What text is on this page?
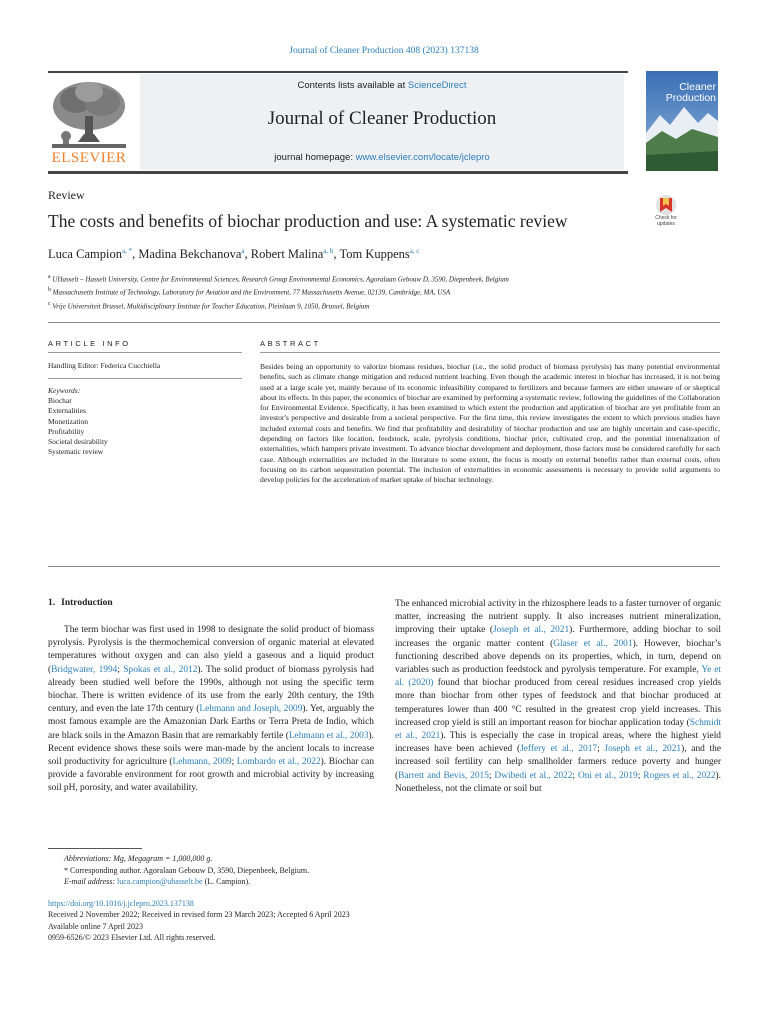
Journal of Cleaner Production 408 (2023) 137138
ELSEVIER
Contents lists available at ScienceDirect
Journal of Cleaner Production
journal homepage: www.elsevier.com/locate/jclepro
Cleaner
Production
Review
The costs and benefits of biochar production and use: A systematic review	Check for
updates
Luca Campion$^{a, *}$, Madina Bekchanova$^a$, Robert Malina$^{a, b}$, Tom Kuppens$^{a, c}$
$^a$ UHasselt – Hasselt University, Centre for Environmental Sciences, Research Group Environmental Economics, Agoralaan Gebouw D, 3590, Diepenbeek, Belgium
$^b$ Massachusetts Institute of Technology, Laboratory for Aviation and the Environment, 77 Massachusetts Avenue, 02139, Cambridge, MA, USA
$^c$ Vrije Universiteit Brussel, Multidisciplinary Institute for Teacher Education, Pleinlaan 9, 1050, Brussel, Belgium
ARTICLE INFO
Handling Editor: Federica Cucchiella
Keywords:
Biochar
Externalities
Monetization
Profitability
Societal desirability
Systematic review
ABSTRACT
Besides being an opportunity to valorize biomass residues, biochar (i.e., the solid product of biomass pyrolysis) has many potential environmental benefits, such as climate change mitigation and reduced nutrient leaching. Even though the academic interest in biochar has increased, it is not being used at a large scale yet, mainly because of its economic infeasibility compared to fertilizers and because farmers are either unaware of or skeptical about its effects. In this paper, the economics of biochar are examined by performing a systematic review, following the guidelines of the Collaboration for Environmental Evidence. Specifically, it has been examined to which extent the production and application of biochar are yet profitable from an investor's perspective and desirable from a societal perspective. For the first time, this review investigates the extent to which previous studies have included external costs and benefits. We find that profitability and desirability of biochar production and use are highly uncertain and case-specific, depending on factors like location, feedstock, scale, pyrolysis conditions, biochar price, cultivated crop, and the potential internalization of externalities, which hampers private investment. To advance biochar development and deployment, those factors must be considered carefully for each case. Although externalities are included in the literature to some extent, the focus is mostly on external benefits rather than external costs, often focusing on its carbon sequestration potential. The inclusion of externalities in economic assessments is necessary to provide solid arguments to develop policies for the acceleration of market uptake of biochar technology.
1. Introduction

The term biochar was first used in 1998 to designate the solid product of biomass pyrolysis. Pyrolysis is the thermochemical conversion of organic material at elevated temperatures without oxygen and can also yield a gaseous and a liquid product (Bridgwater, 1994; Spokas et al., 2012). The solid product of biomass pyrolysis had already been studied well before the 1990s, although not using the specific term biochar. There is written evidence of its use from the early 20th century, the 19th century, and even the late 17th century (Lehmann and Joseph, 2009). Yet, arguably the most famous example are the Amazonian Dark Earths or Terra Preta de Indio, which are black soils in the Amazon Basin that are remarkably fertile (Lehmann et al., 2003). Recent evidence shows these soils were man-made by the ancient locals to increase soil productivity for agriculture (Lehmann, 2009; Lombardo et al., 2022). Biochar can provide a favorable environment for root growth and microbial activity by increasing soil pH, porosity, and water availability.

The enhanced microbial activity in the rhizosphere leads to a faster turnover of organic matter, increasing the nutrient supply. It also increases nutrient mineralization, improving their uptake (Joseph et al., 2021). Furthermore, adding biochar to soil increases the organic matter content (Glaser et al., 2001). However, biochar’s functioning described above depends on its properties, which, in turn, depend on variables such as production feedstock and pyrolysis temperature. For example, Ye et al. (2020) found that biochar produced from cereal residues increased crop yields more than biochar from other types of feedstock and that biochar produced at temperatures lower than 400 °C resulted in the greatest crop yield increases. This increased crop yield is still an important reason for biochar application today (Schmidt et al., 2021). This is especially the case in tropical areas, where the highest yield increases have been achieved (Jeffery et al., 2017; Joseph et al., 2021), and the increased soil fertility can help smallholder farmers reduce poverty and hunger (Barrett and Bevis, 2015; Dwibedi et al., 2022; Oni et al., 2019; Rogers et al., 2022). Nonetheless, not the climate or soil but

Abbreviations: Mg, Megagram = 1,000,000 g.
* Corresponding author. Agoralaan Gebouw D, 3590, Diepenbeek, Belgium.
E-mail address: luca.campion@uhasselt.be (L. Campion).
https://doi.org/10.1016/j.jclepro.2023.137138
Received 2 November 2022; Received in revised form 23 March 2023; Accepted 6 April 2023
Available online 7 April 2023
0959-6526/© 2023 Elsevier Ltd. All rights reserved.
